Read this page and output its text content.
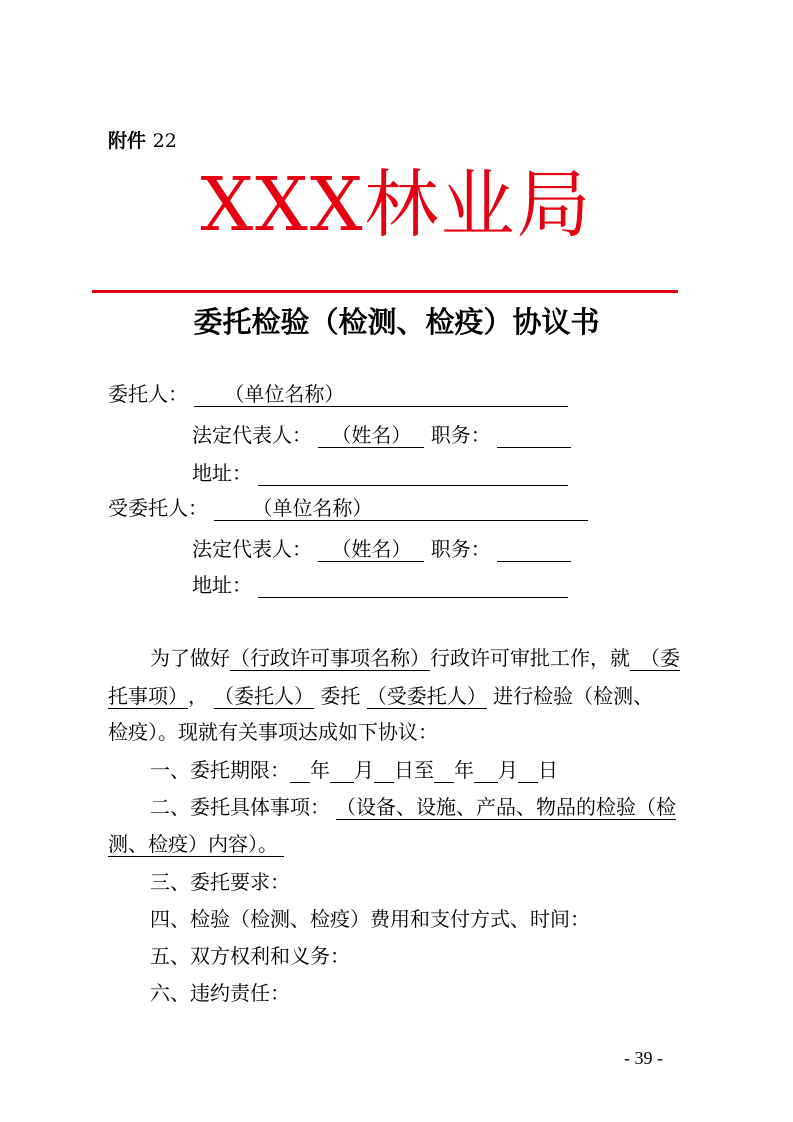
附件 22
XXX林业局
委托检验（检测、检疫）协议书
委托人： （单位名称）
法定代表人： （姓名） 职务：
地址：
受委托人： （单位名称）
法定代表人： （姓名） 职务：
地址：
为了做好（行政许可事项名称）行政许可审批工作，就 （委
托事项）， （委托人） 委托 （受委托人） 进行检验（检测、
检疫）。现就有关事项达成如下协议：
一、委托期限： 年 月 日至 年 月 日
二、委托具体事项： （设备、设施、产品、物品的检验（检
测、检疫）内容）。
三、委托要求：
四、检验（检测、检疫）费用和支付方式、时间：
五、双方权利和义务：
六、违约责任：
- 39 -
